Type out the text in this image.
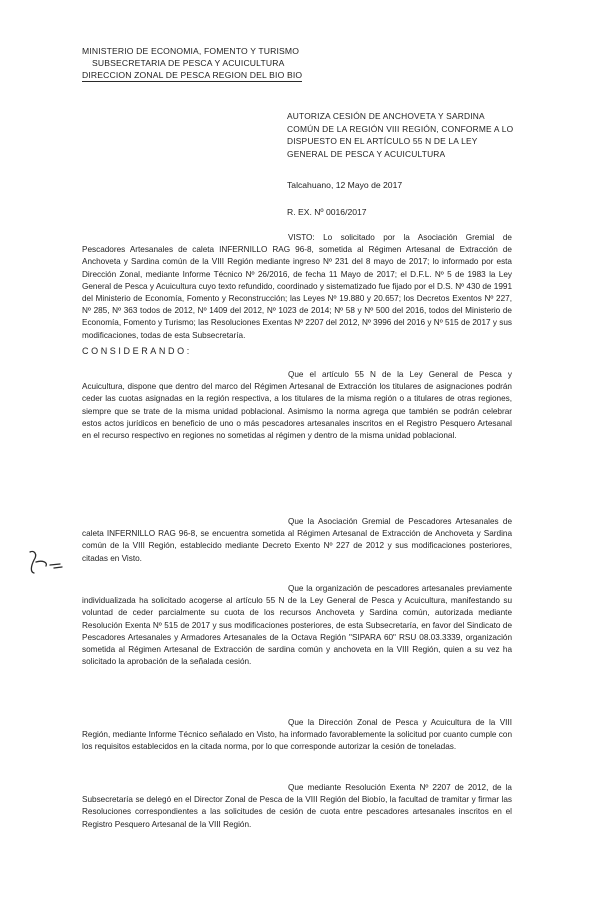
MINISTERIO DE ECONOMIA, FOMENTO Y TURISMO
SUBSECRETARIA DE PESCA Y ACUICULTURA
DIRECCION ZONAL DE PESCA REGION DEL BIO BIO
AUTORIZA CESIÓN DE ANCHOVETA Y SARDINA COMÚN DE LA REGIÓN VIII REGIÓN, CONFORME A LO DISPUESTO EN EL ARTÍCULO 55 N DE LA LEY GENERAL DE PESCA Y ACUICULTURA
Talcahuano, 12 Mayo de 2017
R. EX. Nº 0016/2017
VISTO: Lo solicitado por la Asociación Gremial de Pescadores Artesanales de caleta INFERNILLO RAG 96-8, sometida al Régimen Artesanal de Extracción de Anchoveta y Sardina común de la VIII Región mediante ingreso Nº 231 del 8 mayo de 2017; lo informado por esta Dirección Zonal, mediante Informe Técnico Nº 26/2016, de fecha 11 Mayo de 2017; el D.F.L. Nº 5 de 1983 la Ley General de Pesca y Acuicultura cuyo texto refundido, coordinado y sistematizado fue fijado por el D.S. Nº 430 de 1991 del Ministerio de Economía, Fomento y Reconstrucción; las Leyes Nº 19.880 y 20.657; los Decretos Exentos Nº 227, Nº 285, Nº 363 todos de 2012, Nº 1409 del 2012, Nº 1023 de 2014; Nº 58 y Nº 500 del 2016, todos del Ministerio de Economía, Fomento y Turismo; las Resoluciones Exentas Nº 2207 del 2012, Nº 3996 del 2016 y Nº 515 de 2017 y sus modificaciones, todas de esta Subsecretaría.
CONSIDERANDO:
Que el artículo 55 N de la Ley General de Pesca y Acuicultura, dispone que dentro del marco del Régimen Artesanal de Extracción los titulares de asignaciones podrán ceder las cuotas asignadas en la región respectiva, a los titulares de la misma región o a titulares de otras regiones, siempre que se trate de la misma unidad poblacional. Asimismo la norma agrega que también se podrán celebrar estos actos jurídicos en beneficio de uno o más pescadores artesanales inscritos en el Registro Pesquero Artesanal en el recurso respectivo en regiones no sometidas al régimen y dentro de la misma unidad poblacional.
Que la Asociación Gremial de Pescadores Artesanales de caleta INFERNILLO RAG 96-8, se encuentra sometida al Régimen Artesanal de Extracción de Anchoveta y Sardina común de la VIII Región, establecido mediante Decreto Exento Nº 227 de 2012 y sus modificaciones posteriores, citadas en Visto.
Que la organización de pescadores artesanales previamente individualizada ha solicitado acogerse al artículo 55 N de la Ley General de Pesca y Acuicultura, manifestando su voluntad de ceder parcialmente su cuota de los recursos Anchoveta y Sardina común, autorizada mediante Resolución Exenta Nº 515 de 2017 y sus modificaciones posteriores, de esta Subsecretaría, en favor del Sindicato de Pescadores Artesanales y Armadores Artesanales de la Octava Región "SIPARA 60" RSU 08.03.3339, organización sometida al Régimen Artesanal de Extracción de sardina común y anchoveta en la VIII Región, quien a su vez ha solicitado la aprobación de la señalada cesión.
Que la Dirección Zonal de Pesca y Acuicultura de la VIII Región, mediante Informe Técnico señalado en Visto, ha informado favorablemente la solicitud por cuanto cumple con los requisitos establecidos en la citada norma, por lo que corresponde autorizar la cesión de toneladas.
Que mediante Resolución Exenta Nº 2207 de 2012, de la Subsecretaría se delegó en el Director Zonal de Pesca de la VIII Región del Biobío, la facultad de tramitar y firmar las Resoluciones correspondientes a las solicitudes de cesión de cuota entre pescadores artesanales inscritos en el Registro Pesquero Artesanal de la VIII Región.
